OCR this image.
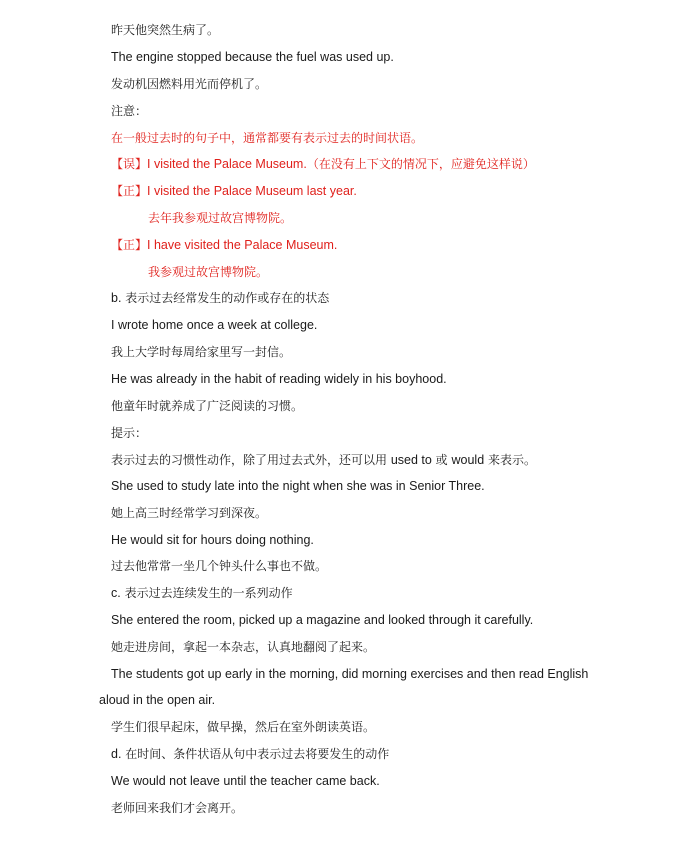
昨天他突然生病了。

The engine stopped because the fuel was used up.

发动机因燃料用光而停机了。

注意：

在一般过去时的句子中，通常都要有表示过去的时间状语。

【误】I visited the Palace Museum.（在没有上下文的情况下，应避免这样说）

【正】I visited the Palace Museum last year.

去年我参观过故宫博物院。

【正】I have visited the Palace Museum.

我参观过故宫博物院。

b. 表示过去经常发生的动作或存在的状态

I wrote home once a week at college.

我上大学时每周给家里写一封信。

He was already in the habit of reading widely in his boyhood.

他童年时就养成了广泛阅读的习惯。

提示：

表示过去的习惯性动作，除了用过去式外，还可以用 used to 或 would 来表示。

She used to study late into the night when she was in Senior Three.

她上高三时经常学习到深夜。

He would sit for hours doing nothing.

过去他常常一坐几个钟头什么事也不做。

c. 表示过去连续发生的一系列动作

She entered the room, picked up a magazine and looked through it carefully.

她走进房间，拿起一本杂志，认真地翻阅了起来。

The students got up early in the morning, did morning exercises and then read English

aloud in the open air.

学生们很早起床，做早操，然后在室外朗读英语。

d. 在时间、条件状语从句中表示过去将要发生的动作

We would not leave until the teacher came back.

老师回来我们才会离开。
